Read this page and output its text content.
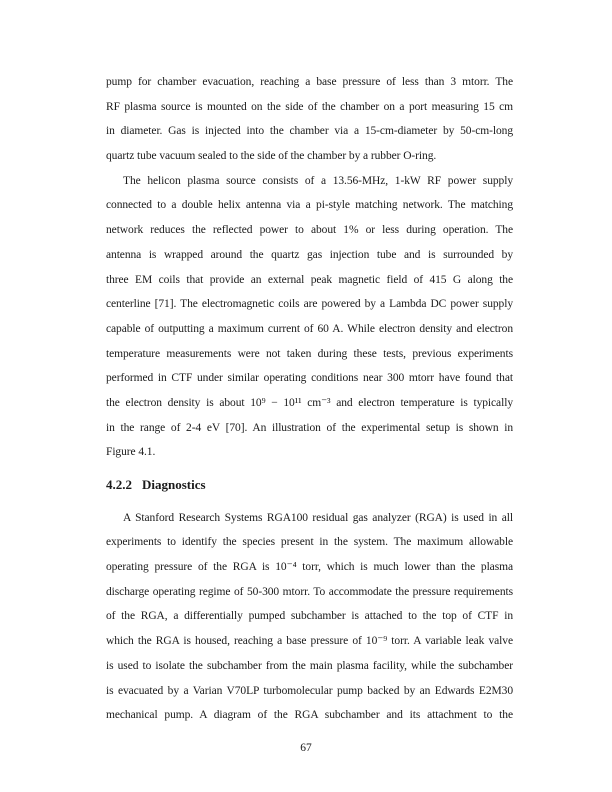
pump for chamber evacuation, reaching a base pressure of less than 3 mtorr. The
RF plasma source is mounted on the side of the chamber on a port measuring 15 cm
in diameter. Gas is injected into the chamber via a 15-cm-diameter by 50-cm-long
quartz tube vacuum sealed to the side of the chamber by a rubber O-ring.
The helicon plasma source consists of a 13.56-MHz, 1-kW RF power supply
connected to a double helix antenna via a pi-style matching network. The matching
network reduces the reflected power to about 1% or less during operation. The
antenna is wrapped around the quartz gas injection tube and is surrounded by
three EM coils that provide an external peak magnetic field of 415 G along the
centerline [71]. The electromagnetic coils are powered by a Lambda DC power supply
capable of outputting a maximum current of 60 A. While electron density and electron
temperature measurements were not taken during these tests, previous experiments
performed in CTF under similar operating conditions near 300 mtorr have found that
the electron density is about 10⁹ − 10¹¹ cm⁻³ and electron temperature is typically
in the range of 2-4 eV [70]. An illustration of the experimental setup is shown in
Figure 4.1.
4.2.2 Diagnostics
A Stanford Research Systems RGA100 residual gas analyzer (RGA) is used in all
experiments to identify the species present in the system. The maximum allowable
operating pressure of the RGA is 10⁻⁴ torr, which is much lower than the plasma
discharge operating regime of 50-300 mtorr. To accommodate the pressure requirements
of the RGA, a differentially pumped subchamber is attached to the top of CTF in
which the RGA is housed, reaching a base pressure of 10⁻⁹ torr. A variable leak valve
is used to isolate the subchamber from the main plasma facility, while the subchamber
is evacuated by a Varian V70LP turbomolecular pump backed by an Edwards E2M30
mechanical pump. A diagram of the RGA subchamber and its attachment to the
67
